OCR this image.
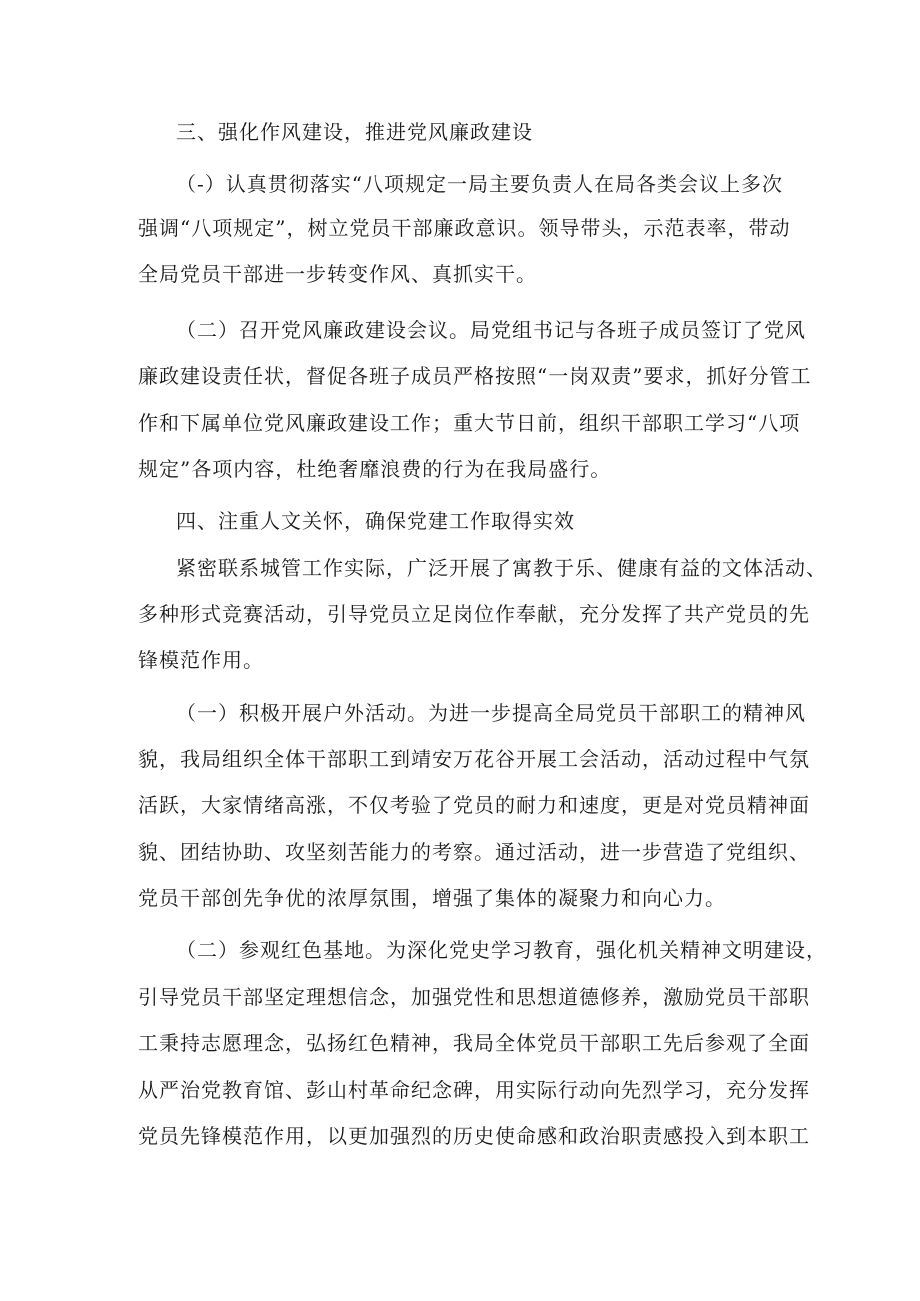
三、强化作风建设，推进党风廉政建设
（-）认真贯彻落实“八项规定一局主要负责人在局各类会议上多次
强调“八项规定”，树立党员干部廉政意识。领导带头，示范表率，带动
全局党员干部进一步转变作风、真抓实干。
（二）召开党风廉政建设会议。局党组书记与各班子成员签订了党风
廉政建设责任状，督促各班子成员严格按照“一岗双责”要求，抓好分管工
作和下属单位党风廉政建设工作；重大节日前，组织干部职工学习“八项
规定”各项内容，杜绝奢靡浪费的行为在我局盛行。
四、注重人文关怀，确保党建工作取得实效
紧密联系城管工作实际，广泛开展了寓教于乐、健康有益的文体活动、
多种形式竞赛活动，引导党员立足岗位作奉献，充分发挥了共产党员的先
锋模范作用。
（一）积极开展户外活动。为进一步提高全局党员干部职工的精神风
貌，我局组织全体干部职工到靖安万花谷开展工会活动，活动过程中气氛
活跃，大家情绪高涨，不仅考验了党员的耐力和速度，更是对党员精神面
貌、团结协助、攻坚刻苦能力的考察。通过活动，进一步营造了党组织、
党员干部创先争优的浓厚氛围，增强了集体的凝聚力和向心力。
（二）参观红色基地。为深化党史学习教育，强化机关精神文明建设，
引导党员干部坚定理想信念，加强党性和思想道德修养，激励党员干部职
工秉持志愿理念，弘扬红色精神，我局全体党员干部职工先后参观了全面
从严治党教育馆、彭山村革命纪念碑，用实际行动向先烈学习，充分发挥
党员先锋模范作用，以更加强烈的历史使命感和政治职责感投入到本职工
